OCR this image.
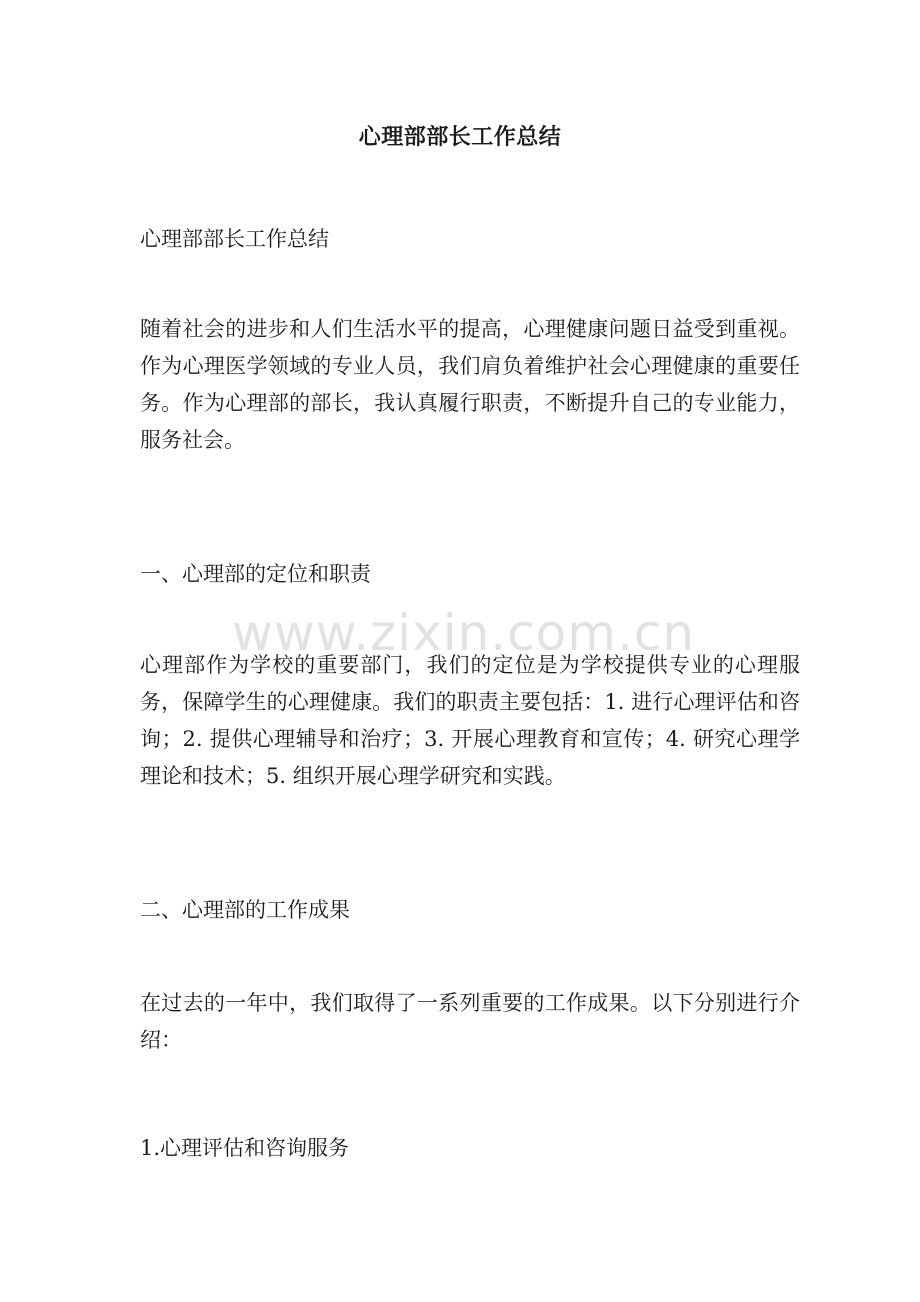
心理部部长工作总结
心理部部长工作总结
随着社会的进步和人们生活水平的提高，心理健康问题日益受到重视。作为心理医学领域的专业人员，我们肩负着维护社会心理健康的重要任务。作为心理部的部长，我认真履行职责，不断提升自己的专业能力，服务社会。
一、心理部的定位和职责
心理部作为学校的重要部门，我们的定位是为学校提供专业的心理服务，保障学生的心理健康。我们的职责主要包括：1. 进行心理评估和咨询；2. 提供心理辅导和治疗；3. 开展心理教育和宣传；4. 研究心理学理论和技术；5. 组织开展心理学研究和实践。
二、心理部的工作成果
在过去的一年中，我们取得了一系列重要的工作成果。以下分别进行介绍：
1.心理评估和咨询服务
www.zixin.com.cn
